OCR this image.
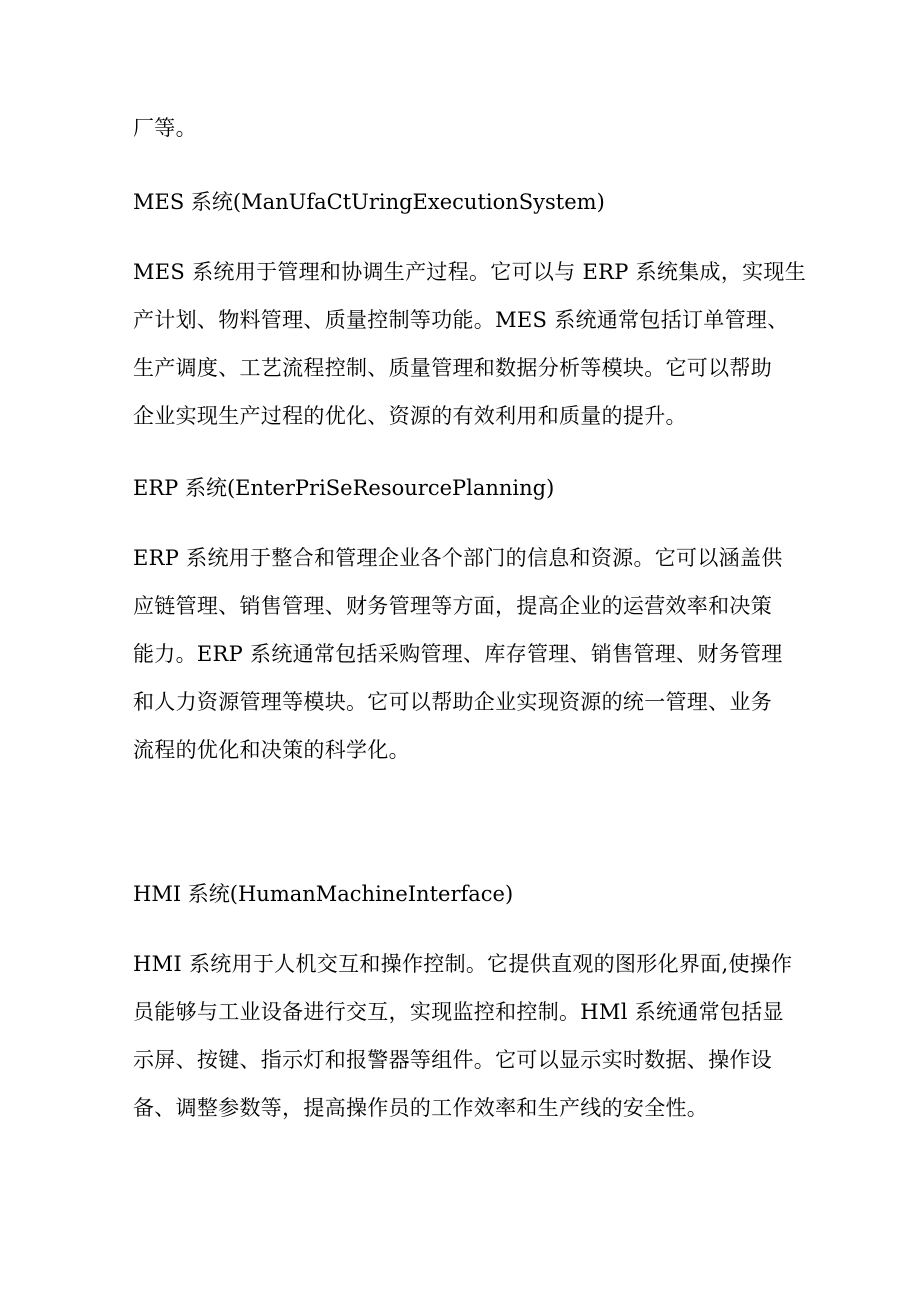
厂等。
MES 系统(ManUfaCtUringExecutionSystem)
MES 系统用于管理和协调生产过程。它可以与 ERP 系统集成，实现生
产计划、物料管理、质量控制等功能。MES 系统通常包括订单管理、
生产调度、工艺流程控制、质量管理和数据分析等模块。它可以帮助
企业实现生产过程的优化、资源的有效利用和质量的提升。
ERP 系统(EnterPriSeResourcePlanning)
ERP 系统用于整合和管理企业各个部门的信息和资源。它可以涵盖供
应链管理、销售管理、财务管理等方面，提高企业的运营效率和决策
能力。ERP 系统通常包括采购管理、库存管理、销售管理、财务管理
和人力资源管理等模块。它可以帮助企业实现资源的统一管理、业务
流程的优化和决策的科学化。
HMI 系统(HumanMachineInterface)
HMI 系统用于人机交互和操作控制。它提供直观的图形化界面,使操作
员能够与工业设备进行交互，实现监控和控制。HMl 系统通常包括显
示屏、按键、指示灯和报警器等组件。它可以显示实时数据、操作设
备、调整参数等，提高操作员的工作效率和生产线的安全性。
